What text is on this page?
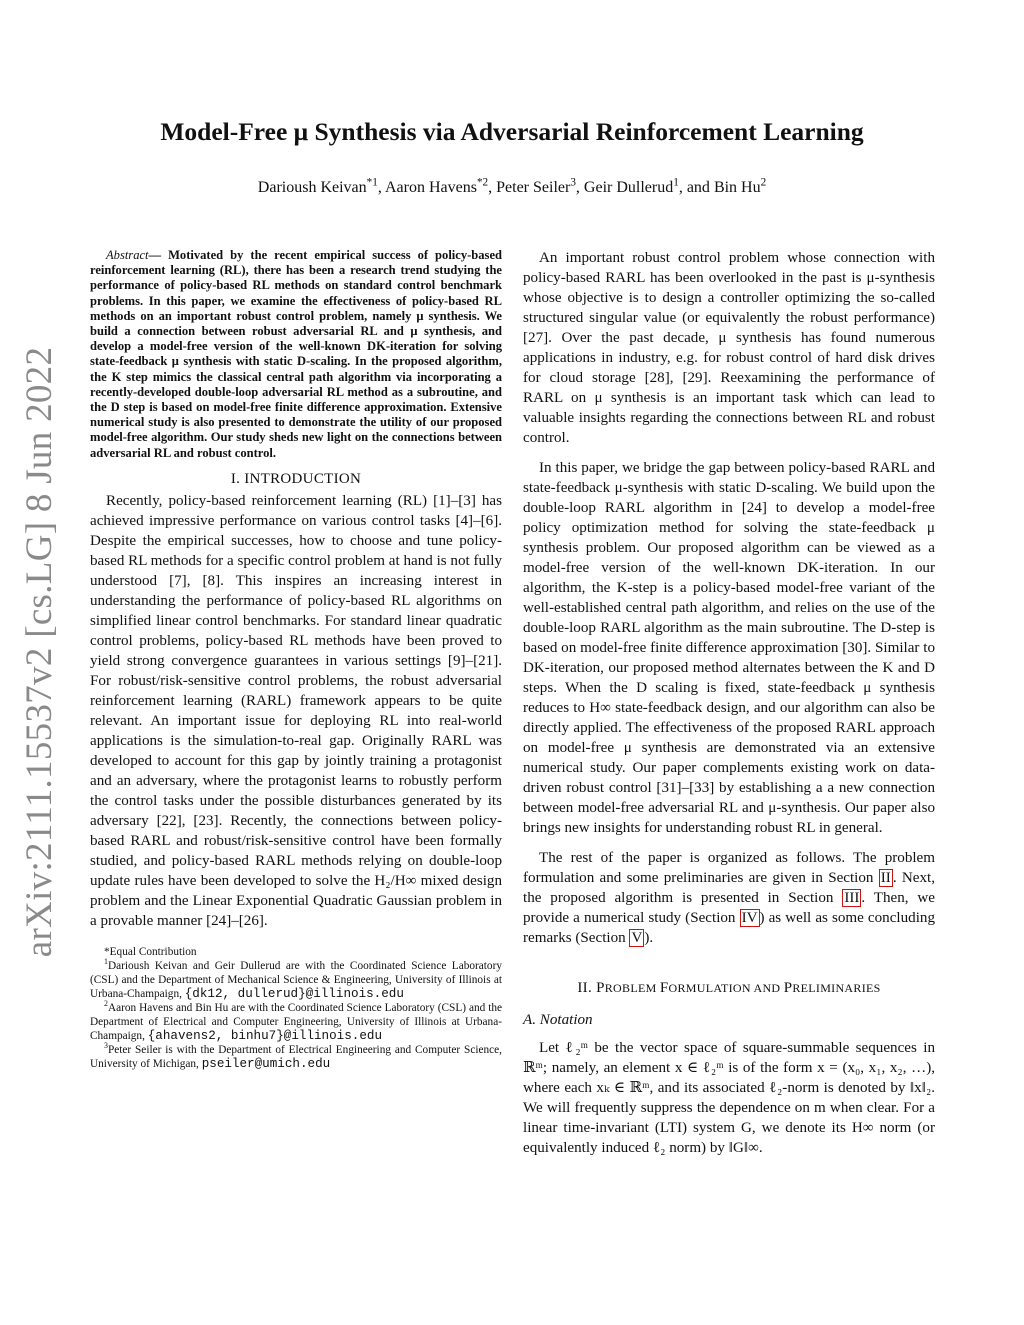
arXiv:2111.15537v2 [cs.LG] 8 Jun 2022
Model-Free μ Synthesis via Adversarial Reinforcement Learning
Darioush Keivan$^{*1}$, Aaron Havens$^{*2}$, Peter Seiler$^3$, Geir Dullerud$^1$, and Bin Hu$^2$

Abstract— Motivated by the recent empirical success of policy-based reinforcement learning (RL), there has been a research trend studying the performance of policy-based RL methods on standard control benchmark problems. In this paper, we examine the effectiveness of policy-based RL methods on an important robust control problem, namely μ synthesis. We build a connection between robust adversarial RL and μ synthesis, and develop a model-free version of the well-known DK-iteration for solving state-feedback μ synthesis with static D-scaling. In the proposed algorithm, the K step mimics the classical central path algorithm via incorporating a recently-developed double-loop adversarial RL method as a subroutine, and the D step is based on model-free finite difference approximation. Extensive numerical study is also presented to demonstrate the utility of our proposed model-free algorithm. Our study sheds new light on the connections between adversarial RL and robust control.

I. INTRODUCTION

Recently, policy-based reinforcement learning (RL) [1]–[3] has achieved impressive performance on various control tasks [4]–[6]. Despite the empirical successes, how to choose and tune policy-based RL methods for a specific control problem at hand is not fully understood [7], [8]. This inspires an increasing interest in understanding the performance of policy-based RL algorithms on simplified linear control benchmarks. For standard linear quadratic control problems, policy-based RL methods have been proved to yield strong convergence guarantees in various settings [9]–[21]. For robust/risk-sensitive control problems, the robust adversarial reinforcement learning (RARL) framework appears to be quite relevant. An important issue for deploying RL into real-world applications is the simulation-to-real gap. Originally RARL was developed to account for this gap by jointly training a protagonist and an adversary, where the protagonist learns to robustly perform the control tasks under the possible disturbances generated by its adversary [22], [23]. Recently, the connections between policy-based RARL and robust/risk-sensitive control have been formally studied, and policy-based RARL methods relying on double-loop update rules have been developed to solve the H₂/H∞ mixed design problem and the Linear Exponential Quadratic Gaussian problem in a provable manner [24]–[26].

*Equal Contribution

$^1$Darioush Keivan and Geir Dullerud are with the Coordinated Science Laboratory (CSL) and the Department of Mechanical Science & Engineering, University of Illinois at Urbana-Champaign, {dk12, dullerud}@illinois.edu

$^2$Aaron Havens and Bin Hu are with the Coordinated Science Laboratory (CSL) and the Department of Electrical and Computer Engineering, University of Illinois at Urbana-Champaign, {ahavens2, binhu7}@illinois.edu

$^3$Peter Seiler is with the Department of Electrical Engineering and Computer Science, University of Michigan, pseiler@umich.edu

An important robust control problem whose connection with policy-based RARL has been overlooked in the past is μ-synthesis whose objective is to design a controller optimizing the so-called structured singular value (or equivalently the robust performance) [27]. Over the past decade, μ synthesis has found numerous applications in industry, e.g. for robust control of hard disk drives for cloud storage [28], [29]. Reexamining the performance of RARL on μ synthesis is an important task which can lead to valuable insights regarding the connections between RL and robust control.

In this paper, we bridge the gap between policy-based RARL and state-feedback μ-synthesis with static D-scaling. We build upon the double-loop RARL algorithm in [24] to develop a model-free policy optimization method for solving the state-feedback μ synthesis problem. Our proposed algorithm can be viewed as a model-free version of the well-known DK-iteration. In our algorithm, the K-step is a policy-based model-free variant of the well-established central path algorithm, and relies on the use of the double-loop RARL algorithm as the main subroutine. The D-step is based on model-free finite difference approximation [30]. Similar to DK-iteration, our proposed method alternates between the K and D steps. When the D scaling is fixed, state-feedback μ synthesis reduces to H∞ state-feedback design, and our algorithm can also be directly applied. The effectiveness of the proposed RARL approach on model-free μ synthesis are demonstrated via an extensive numerical study. Our paper complements existing work on data-driven robust control [31]–[33] by establishing a a new connection between model-free adversarial RL and μ-synthesis. Our paper also brings new insights for understanding robust RL in general.

The rest of the paper is organized as follows. The problem formulation and some preliminaries are given in Section II . Next, the proposed algorithm is presented in Section III . Then, we provide a numerical study (Section IV ) as well as some concluding remarks (Section V ).

II. PROBLEM FORMULATION AND PRELIMINARIES
A. Notation

Let ℓ₂ᵐ be the vector space of square-summable sequences in ℝᵐ; namely, an element x ∈ ℓ₂ᵐ is of the form x = (x₀, x₁, x₂, …), where each xₖ ∈ ℝᵐ, and its associated ℓ₂-norm is denoted by ‖x‖₂. We will frequently suppress the dependence on m when clear. For a linear time-invariant (LTI) system G, we denote its H∞ norm (or equivalently induced ℓ₂ norm) by ‖G‖∞.
